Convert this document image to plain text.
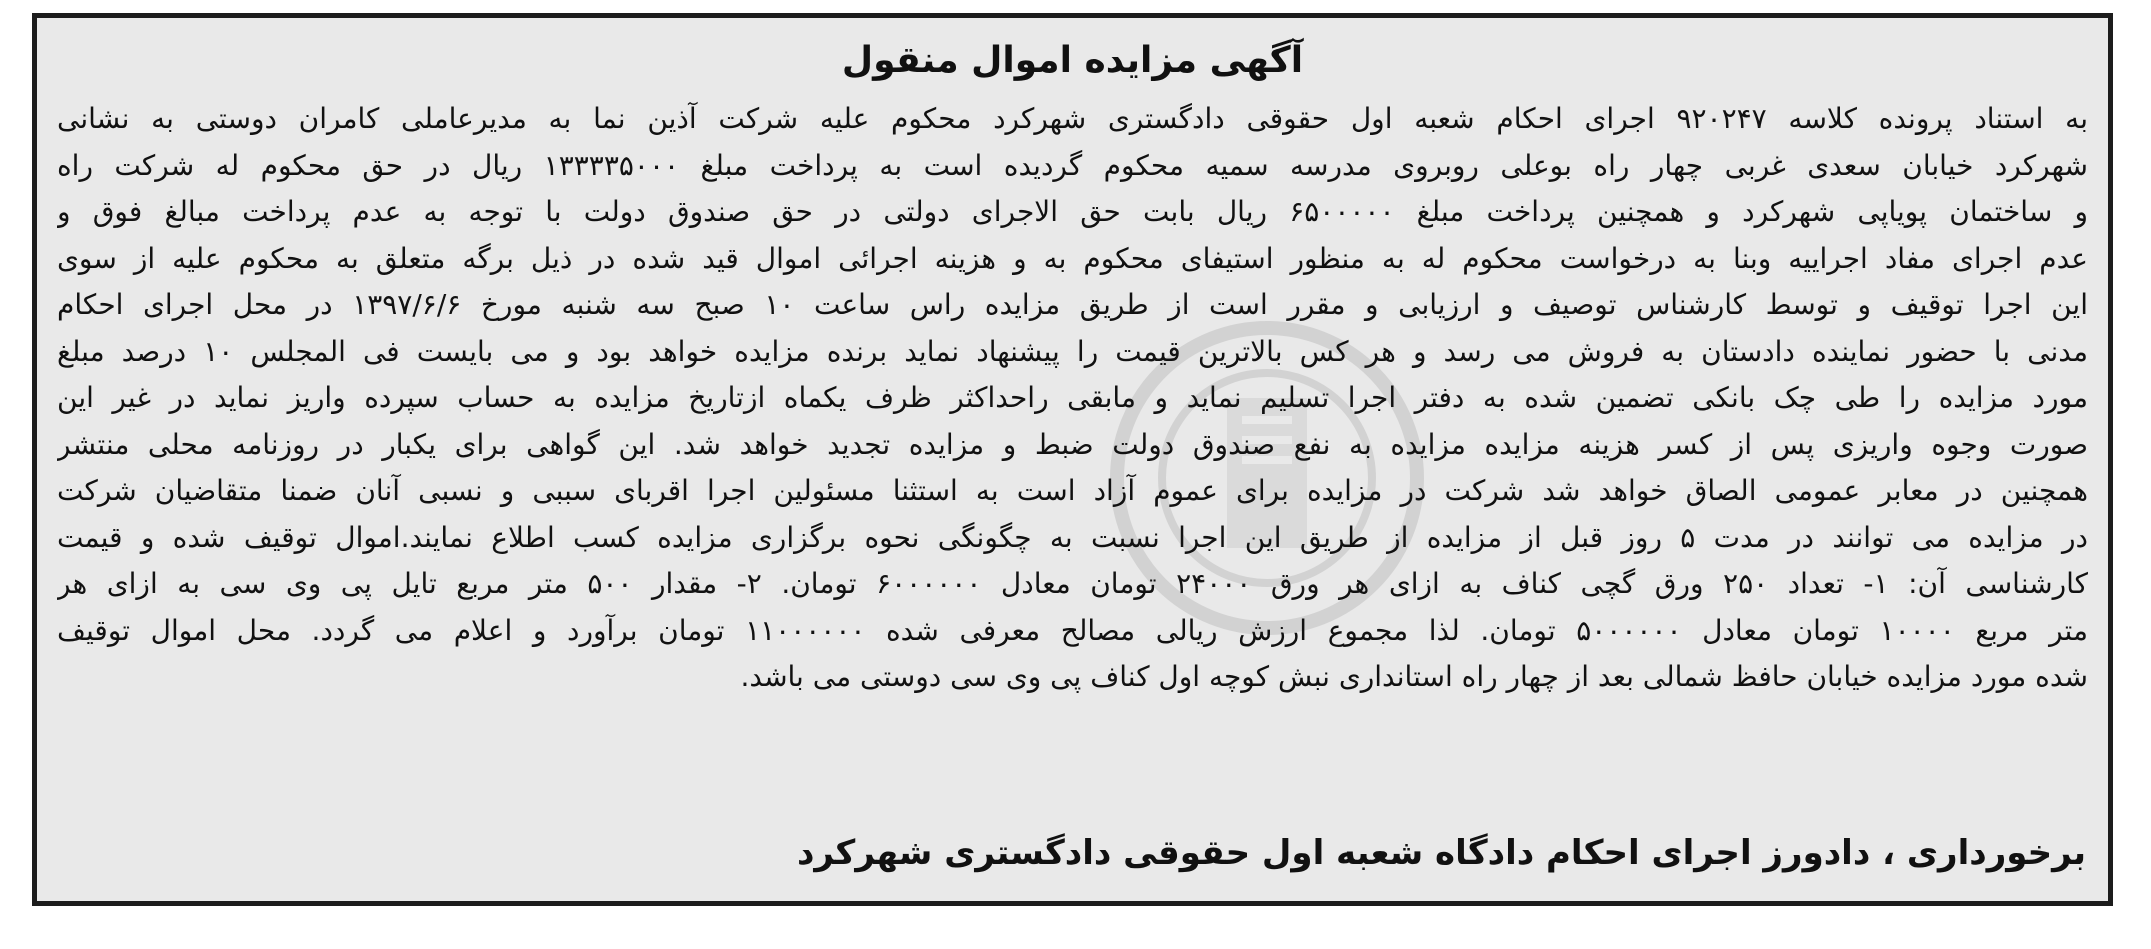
آگهی مزایده اموال منقول
به استناد پرونده کلاسه ۹۲۰۲۴۷ اجرای احکام شعبه اول حقوقی دادگستری شهرکرد محکوم علیه شرکت آذین نما به مدیرعاملی کامران دوستی به نشانی
شهرکرد خیابان سعدی غربی چهار راه بوعلی روبروی مدرسه سمیه محکوم گردیده است به پرداخت مبلغ ۱۳۳۳۳۵۰۰۰ ریال در حق محکوم له شرکت راه
و ساختمان پویاپی شهرکرد و همچنین پرداخت مبلغ ۶۵۰۰۰۰۰ ریال بابت حق الاجرای دولتی در حق صندوق دولت با توجه به عدم پرداخت مبالغ فوق و
عدم اجرای مفاد اجراییه وبنا به درخواست محکوم له به منظور استیفای محکوم به و هزینه اجرائی اموال قید شده در ذیل برگه متعلق به محکوم علیه از سوی
این اجرا توقیف و توسط کارشناس توصیف و ارزیابی و مقرر است از طریق مزایده راس ساعت ۱۰ صبح سه شنبه مورخ ۱۳۹۷/۶/۶ در محل اجرای احکام
مدنی با حضور نماینده دادستان به فروش می رسد و هر کس بالاترین قیمت را پیشنهاد نماید برنده مزایده خواهد بود و می بایست فی المجلس ۱۰ درصد مبلغ
مورد مزایده را طی چک بانکی تضمین شده به دفتر اجرا تسلیم نماید و مابقی راحداکثر ظرف یکماه ازتاریخ مزایده به حساب سپرده واریز نماید در غیر این
صورت وجوه واریزی پس از کسر هزینه مزایده مزایده به نفع صندوق دولت ضبط و مزایده تجدید خواهد شد. این گواهی برای یکبار در روزنامه محلی منتشر
همچنین در معابر عمومی الصاق خواهد شد شرکت در مزایده برای عموم آزاد است به استثنا مسئولین اجرا اقربای سببی و نسبی آنان ضمنا متقاضیان شرکت
در مزایده می توانند در مدت ۵ روز قبل از مزایده از طریق این اجرا نسبت به چگونگی نحوه برگزاری مزایده کسب اطلاع نمایند.اموال توقیف شده و قیمت
کارشناسی آن: ۱- تعداد ۲۵۰ ورق گچی کناف به ازای هر ورق ۲۴۰۰۰ تومان معادل ۶۰۰۰۰۰۰ تومان. ۲- مقدار ۵۰۰ متر مربع تایل پی وی سی به ازای هر
متر مربع ۱۰۰۰۰ تومان معادل ۵۰۰۰۰۰۰ تومان. لذا مجموع ارزش ریالی مصالح معرفی شده ۱۱۰۰۰۰۰۰ تومان برآورد و اعلام می گردد. محل اموال توقیف
شده مورد مزایده خیابان حافظ شمالی بعد از چهار راه استانداری نبش کوچه اول کناف پی وی سی دوستی می باشد.
برخورداری ، دادورز اجرای احکام دادگاه شعبه اول حقوقی دادگستری شهرکرد
